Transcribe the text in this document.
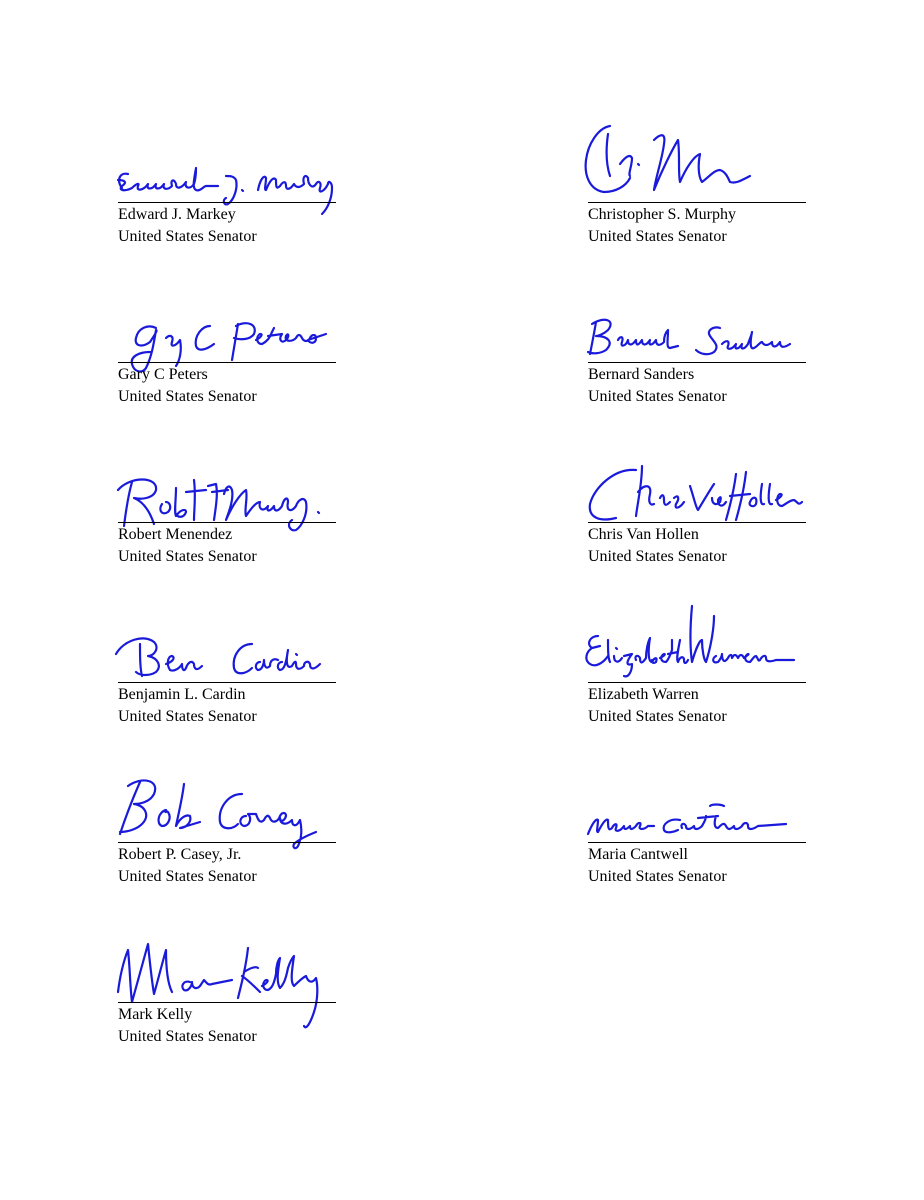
Edward J. Markey
United States Senator
Christopher S. Murphy
United States Senator
Gary C Peters
United States Senator
Bernard Sanders
United States Senator
Robert Menendez
United States Senator
Chris Van Hollen
United States Senator
Benjamin L. Cardin
United States Senator
Elizabeth Warren
United States Senator
Robert P. Casey, Jr.
United States Senator
Maria Cantwell
United States Senator
Mark Kelly
United States Senator
